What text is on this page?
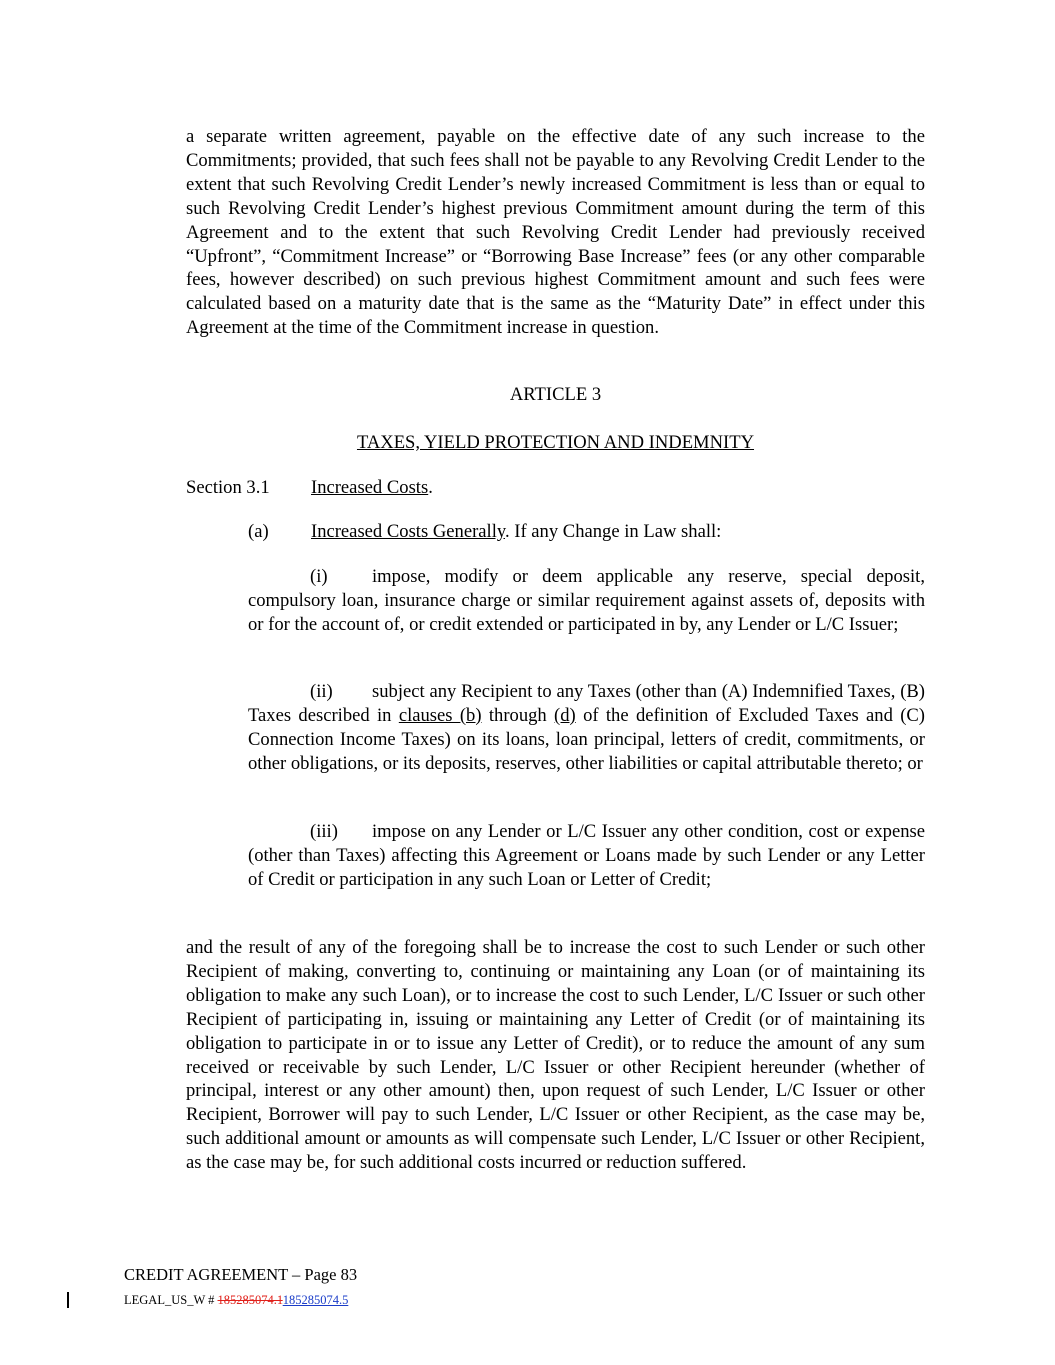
a separate written agreement, payable on the effective date of any such increase to the Commitments; provided, that such fees shall not be payable to any Revolving Credit Lender to the extent that such Revolving Credit Lender’s newly increased Commitment is less than or equal to such Revolving Credit Lender’s highest previous Commitment amount during the term of this Agreement and to the extent that such Revolving Credit Lender had previously received “Upfront”, “Commitment Increase” or “Borrowing Base Increase” fees (or any other comparable fees, however described) on such previous highest Commitment amount and such fees were calculated based on a maturity date that is the same as the “Maturity Date” in effect under this Agreement at the time of the Commitment increase in question.

ARTICLE 3

TAXES, YIELD PROTECTION AND INDEMNITY

Section 3.1 Increased Costs.
(a) Increased Costs Generally. If any Change in Law shall:

(i) impose, modify or deem applicable any reserve, special deposit, compulsory loan, insurance charge or similar requirement against assets of, deposits with or for the account of, or credit extended or participated in by, any Lender or L/C Issuer;

(ii) subject any Recipient to any Taxes (other than (A) Indemnified Taxes, (B) Taxes described in clauses (b) through (d) of the definition of Excluded Taxes and (C) Connection Income Taxes) on its loans, loan principal, letters of credit, commitments, or other obligations, or its deposits, reserves, other liabilities or capital attributable thereto; or

(iii) impose on any Lender or L/C Issuer any other condition, cost or expense (other than Taxes) affecting this Agreement or Loans made by such Lender or any Letter of Credit or participation in any such Loan or Letter of Credit;

and the result of any of the foregoing shall be to increase the cost to such Lender or such other Recipient of making, converting to, continuing or maintaining any Loan (or of maintaining its obligation to make any such Loan), or to increase the cost to such Lender, L/C Issuer or such other Recipient of participating in, issuing or maintaining any Letter of Credit (or of maintaining its obligation to participate in or to issue any Letter of Credit), or to reduce the amount of any sum received or receivable by such Lender, L/C Issuer or other Recipient hereunder (whether of principal, interest or any other amount) then, upon request of such Lender, L/C Issuer or other Recipient, Borrower will pay to such Lender, L/C Issuer or other Recipient, as the case may be, such additional amount or amounts as will compensate such Lender, L/C Issuer or other Recipient, as the case may be, for such additional costs incurred or reduction suffered.

CREDIT AGREEMENT – Page 83
LEGAL_US_W # 185285074.1185285074.5
